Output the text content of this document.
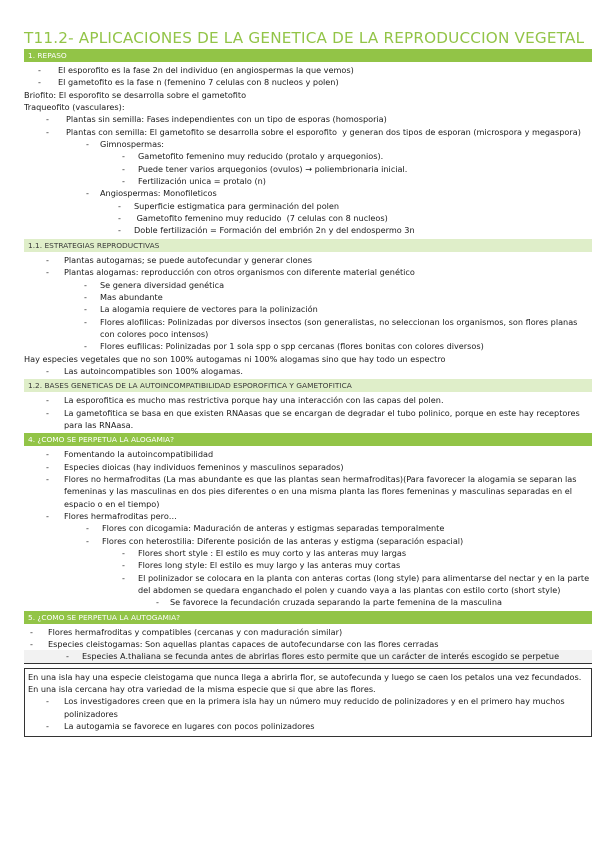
T11.2- APLICACIONES DE LA GENETICA DE LA REPRODUCCION VEGETAL
1. REPASO
- El esporofito es la fase 2n del individuo (en angiospermas la que vemos)
- El gametofito es la fase n (femenino 7 celulas con 8 nucleos y polen)
Briofito: El esporofito se desarrolla sobre el gametofito
Traqueofito (vasculares):
- Plantas sin semilla: Fases independientes con un tipo de esporas (homosporia)
- Plantas con semilla: El gametofito se desarrolla sobre el esporofito  y generan dos tipos de esporan (microspora y megaspora)
- Gimnospermas:
- Gametofito femenino muy reducido (protalo y arquegonios).
- Puede tener varios arquegonios (ovulos) → poliembrionaria inicial.
- Fertilización unica = protalo (n)
- Angiospermas: Monofileticos
- Superficie estigmatica para germinación del polen
- Gametofito femenino muy reducido  (7 celulas con 8 nucleos)
- Doble fertilización = Formación del embrión 2n y del endospermo 3n
1.1. ESTRATEGIAS REPRODUCTIVAS
- Plantas autogamas; se puede autofecundar y generar clones
- Plantas alogamas: reproducción con otros organismos con diferente material genético
- Se genera diversidad genética
- Mas abundante
- La alogamia requiere de vectores para la polinización
- Flores alofilicas: Polinizadas por diversos insectos (son generalistas, no seleccionan los organismos, son flores planas con colores poco intensos)
- Flores eufilicas: Polinizadas por 1 sola spp o spp cercanas (flores bonitas con colores diversos)
Hay especies vegetales que no son 100% autogamas ni 100% alogamas sino que hay todo un espectro
- Las autoincompatibles son 100% alogamas.
1.2. BASES GENETICAS DE LA AUTOINCOMPATIBILIDAD ESPOROFITICA Y GAMETOFITICA
- La esporofitica es mucho mas restrictiva porque hay una interacción con las capas del polen.
- La gametofitica se basa en que existen RNAasas que se encargan de degradar el tubo polinico, porque en este hay receptores para las RNAasa.
4. ¿COMO SE PERPETUA LA ALOGAMIA?
- Fomentando la autoincompatibilidad
- Especies dioicas (hay individuos femeninos y masculinos separados)
- Flores no hermafroditas (La mas abundante es que las plantas sean hermafroditas)(Para favorecer la alogamia se separan las femeninas y las masculinas en dos pies diferentes o en una misma planta las flores femeninas y masculinas separadas en el espacio o en el tiempo)
- Flores hermafroditas pero…
- Flores con dicogamia: Maduración de anteras y estigmas separadas temporalmente
- Flores con heterostilia: Diferente posición de las anteras y estigma (separación espacial)
- Flores short style : El estilo es muy corto y las anteras muy largas
- Flores long style: El estilo es muy largo y las anteras muy cortas
- El polinizador se colocara en la planta con anteras cortas (long style) para alimentarse del nectar y en la parte del abdomen se quedara enganchado el polen y cuando vaya a las plantas con estilo corto (short style)
- Se favorece la fecundación cruzada separando la parte femenina de la masculina
5. ¿COMO SE PERPETUA LA AUTOGAMIA?
- Flores hermafroditas y compatibles (cercanas y con maduración similar)
- Especies cleistogamas: Son aquellas plantas capaces de autofecundarse con las flores cerradas
- Especies A.thaliana se fecunda antes de abrirlas flores esto permite que un carácter de interés escogido se perpetue
En una isla hay una especie cleistogama que nunca llega a abrirla flor, se autofecunda y luego se caen los petalos una vez fecundados. En una isla cercana hay otra variedad de la misma especie que si que abre las flores.
- Los investigadores creen que en la primera isla hay un número muy reducido de polinizadores y en el primero hay muchos polinizadores
- La autogamia se favorece en lugares con pocos polinizadores
